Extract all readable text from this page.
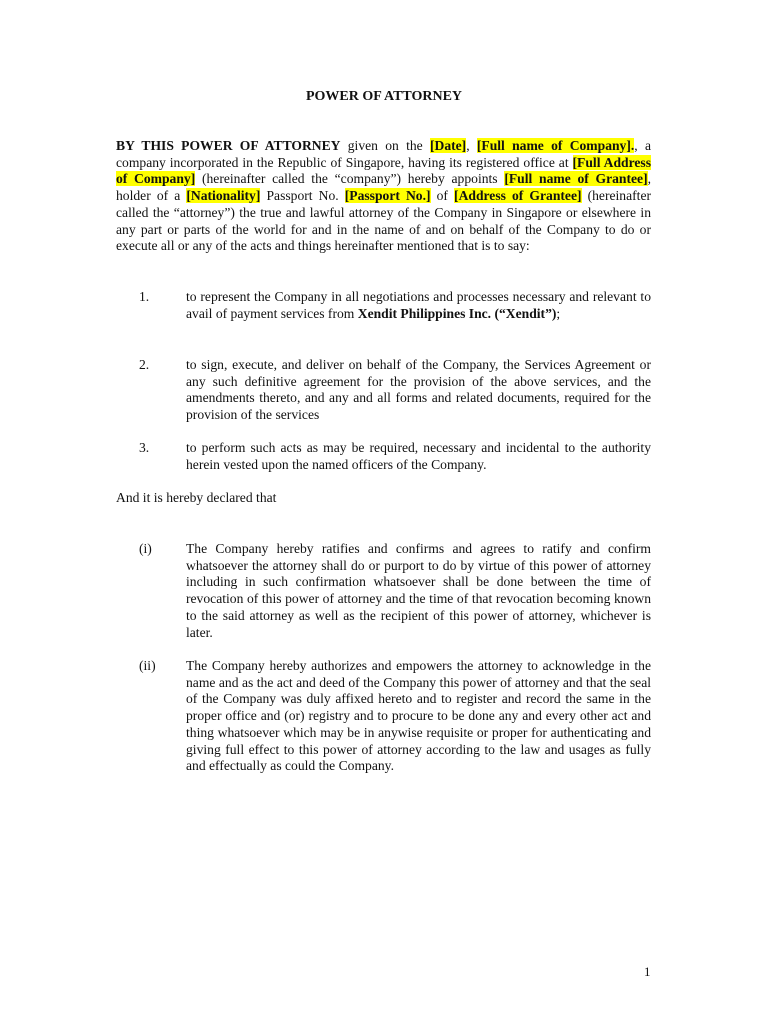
POWER OF ATTORNEY
BY THIS POWER OF ATTORNEY given on the [Date], [Full name of Company]., a company incorporated in the Republic of Singapore, having its registered office at [Full Address of Company] (hereinafter called the “company”) hereby appoints [Full name of Grantee], holder of a [Nationality] Passport No. [Passport No.] of [Address of Grantee] (hereinafter called the “attorney”) the true and lawful attorney of the Company in Singapore or elsewhere in any part or parts of the world for and in the name of and on behalf of the Company to do or execute all or any of the acts and things hereinafter mentioned that is to say:
1.	to represent the Company in all negotiations and processes necessary and relevant to avail of payment services from Xendit Philippines Inc. (“Xendit”);
2.	to sign, execute, and deliver on behalf of the Company, the Services Agreement or any such definitive agreement for the provision of the above services, and the amendments thereto, and any and all forms and related documents, required for the provision of the services
3.	to perform such acts as may be required, necessary and incidental to the authority herein vested upon the named officers of the Company.
And it is hereby declared that
(i)	The Company hereby ratifies and confirms and agrees to ratify and confirm whatsoever the attorney shall do or purport to do by virtue of this power of attorney including in such confirmation whatsoever shall be done between the time of revocation of this power of attorney and the time of that revocation becoming known to the said attorney as well as the recipient of this power of attorney, whichever is later.
(ii) The Company hereby authorizes and empowers the attorney to acknowledge in the name and as the act and deed of the Company this power of attorney and that the seal of the Company was duly affixed hereto and to register and record the same in the proper office and (or) registry and to procure to be done any and every other act and thing whatsoever which may be in anywise requisite or proper for authenticating and giving full effect to this power of attorney according to the law and usages as fully and effectually as could the Company.
1
